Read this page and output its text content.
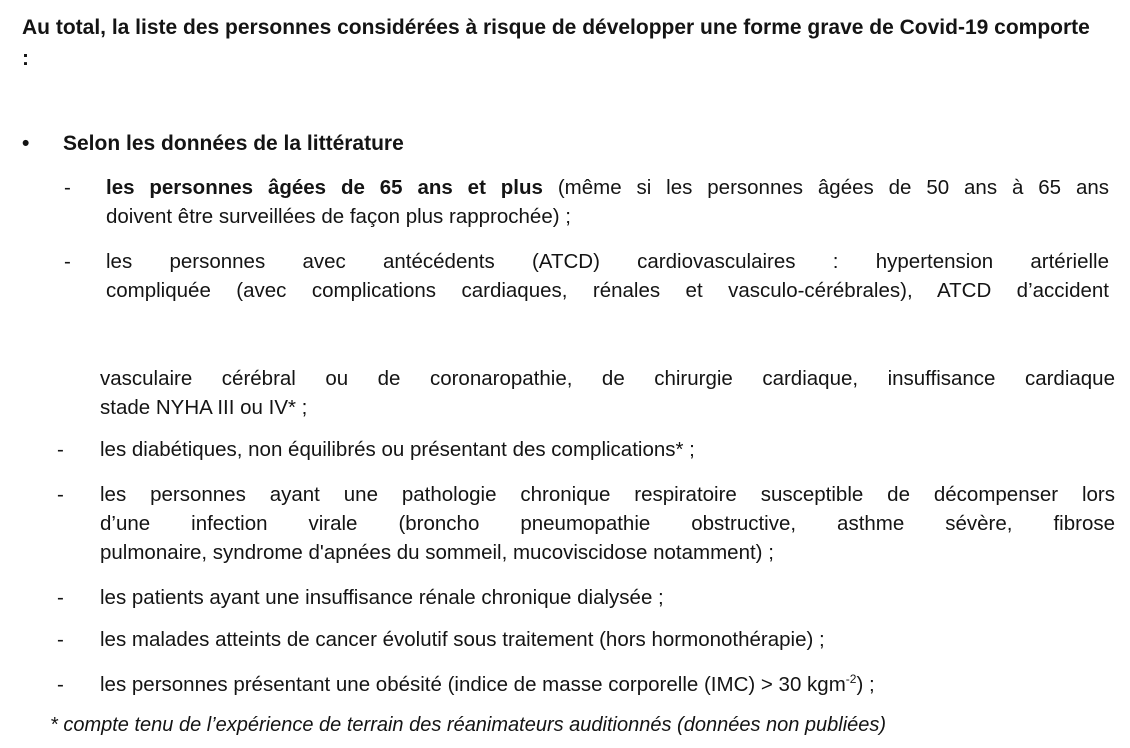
Au total, la liste des personnes considérées à risque de développer une forme grave de Covid-19 comporte :
• Selon les données de la littérature
- les personnes âgées de 65 ans et plus (même si les personnes âgées de 50 ans à 65 ans
doivent être surveillées de façon plus rapprochée) ;
- les personnes avec antécédents (ATCD) cardiovasculaires : hypertension artérielle
compliquée (avec complications cardiaques, rénales et vasculo-cérébrales), ATCD d’accident
vasculaire cérébral ou de coronaropathie, de chirurgie cardiaque, insuffisance cardiaque
stade NYHA III ou IV* ;
- les diabétiques, non équilibrés ou présentant des complications* ;
- les personnes ayant une pathologie chronique respiratoire susceptible de décompenser lors
d’une infection virale (broncho pneumopathie obstructive, asthme sévère, fibrose
pulmonaire, syndrome d'apnées du sommeil, mucoviscidose notamment) ;
- les patients ayant une insuffisance rénale chronique dialysée ;
- les malades atteints de cancer évolutif sous traitement (hors hormonothérapie) ;
- les personnes présentant une obésité (indice de masse corporelle (IMC) > 30 kgm$^{-2}$) ;
* compte tenu de l’expérience de terrain des réanimateurs auditionnés (données non publiées)
